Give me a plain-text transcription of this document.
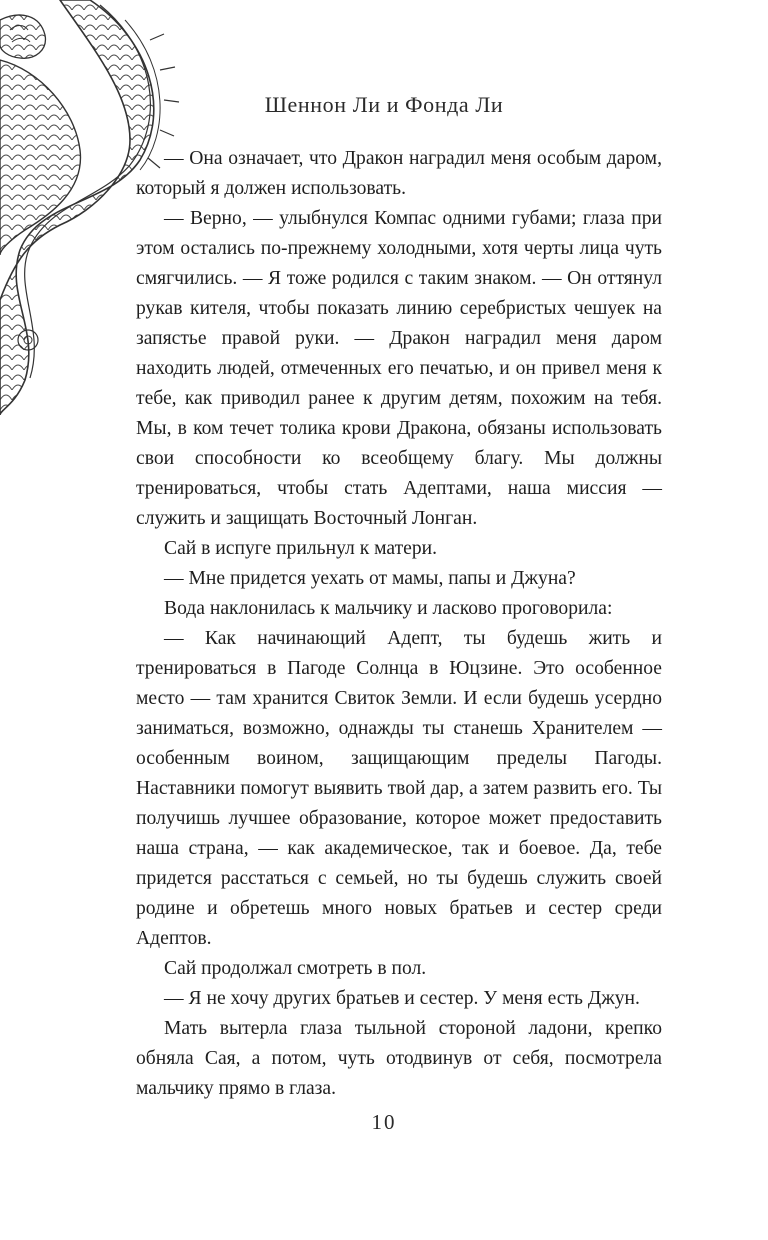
Шеннон Ли и Фонда Ли

— Она означает, что Дракон наградил меня особым даром, который я должен использовать.

— Верно, — улыбнулся Компас одними губами; глаза при этом остались по-прежнему холодными, хотя черты лица чуть смягчились. — Я тоже родился с таким знаком. — Он оттянул рукав кителя, чтобы показать линию серебристых чешуек на запястье правой руки. — Дракон наградил меня даром находить людей, отмеченных его печатью, и он привел меня к тебе, как приводил ранее к другим детям, похожим на тебя. Мы, в ком течет толика крови Дракона, обязаны использовать свои способности ко всеобщему благу. Мы должны тренироваться, чтобы стать Адептами, наша миссия — служить и защищать Восточный Лонган.

Сай в испуге прильнул к матери.

— Мне придется уехать от мамы, папы и Джуна?

Вода наклонилась к мальчику и ласково проговорила:

— Как начинающий Адепт, ты будешь жить и тренироваться в Пагоде Солнца в Юцзине. Это особенное место — там хранится Свиток Земли. И если будешь усердно заниматься, возможно, однажды ты станешь Хранителем — особенным воином, защищающим пределы Пагоды. Наставники помогут выявить твой дар, а затем развить его. Ты получишь лучшее образование, которое может предоставить наша страна, — как академическое, так и боевое. Да, тебе придется расстаться с семьей, но ты будешь служить своей родине и обретешь много новых братьев и сестер среди Адептов.

Сай продолжал смотреть в пол.

— Я не хочу других братьев и сестер. У меня есть Джун.

Мать вытерла глаза тыльной стороной ладони, крепко обняла Сая, а потом, чуть отодвинув от себя, посмотрела мальчику прямо в глаза.

10
